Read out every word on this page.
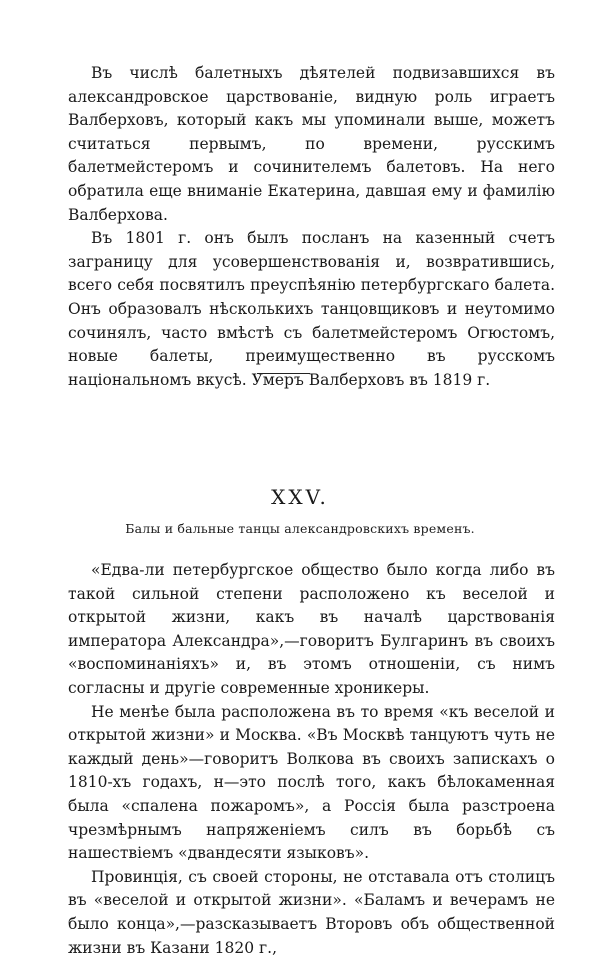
Въ числѣ балетныхъ дѣятелей подвизавшихся въ александровское царствованіе, видную роль играетъ Валберховъ, который какъ мы упоминали выше, можетъ считаться первымъ, по времени, русскимъ балетмейстеромъ и сочинителемъ балетовъ. На него обратила еще вниманіе Екатерина, давшая ему и фамилію Валберхова.

Въ 1801 г. онъ былъ посланъ на казенный счетъ заграницу для усовершенствованія и, возвратившись, всего себя посвятилъ преуспѣянію петербургскаго балета. Онъ образовалъ нѣсколькихъ танцовщиковъ и неутомимо сочинялъ, часто вмѣстѣ съ балетмейстеромъ Огюстомъ, новые балеты, преимущественно въ русскомъ національномъ вкусѣ. Умеръ Валберховъ въ 1819 г.

XXV.
Балы и бальные танцы александровскихъ временъ.

«Едва-ли петербургское общество было когда либо въ такой сильной степени расположено къ веселой и открытой жизни, какъ въ началѣ царствованія императора Александра»,—говоритъ Булгаринъ въ своихъ «воспоминаніяхъ» и, въ этомъ отношеніи, съ нимъ согласны и другіе современные хроникеры.

Не менѣе была расположена въ то время «къ веселой и открытой жизни» и Москва. «Въ Москвѣ танцуютъ чуть не каждый день»—говоритъ Волкова въ своихъ запискахъ о 1810-хъ годахъ, н—это послѣ того, какъ бѣлокаменная была «спалена пожаромъ», а Россія была разстроена чрезмѣрнымъ напряженіемъ силъ въ борьбѣ съ нашествіемъ «двандесяти языковъ».

Провинція, съ своей стороны, не отставала отъ столицъ въ «веселой и открытой жизни». «Баламъ и вечерамъ не было конца»,—разсказываетъ Второвъ объ общественной жизни въ Казани 1820 г.,
